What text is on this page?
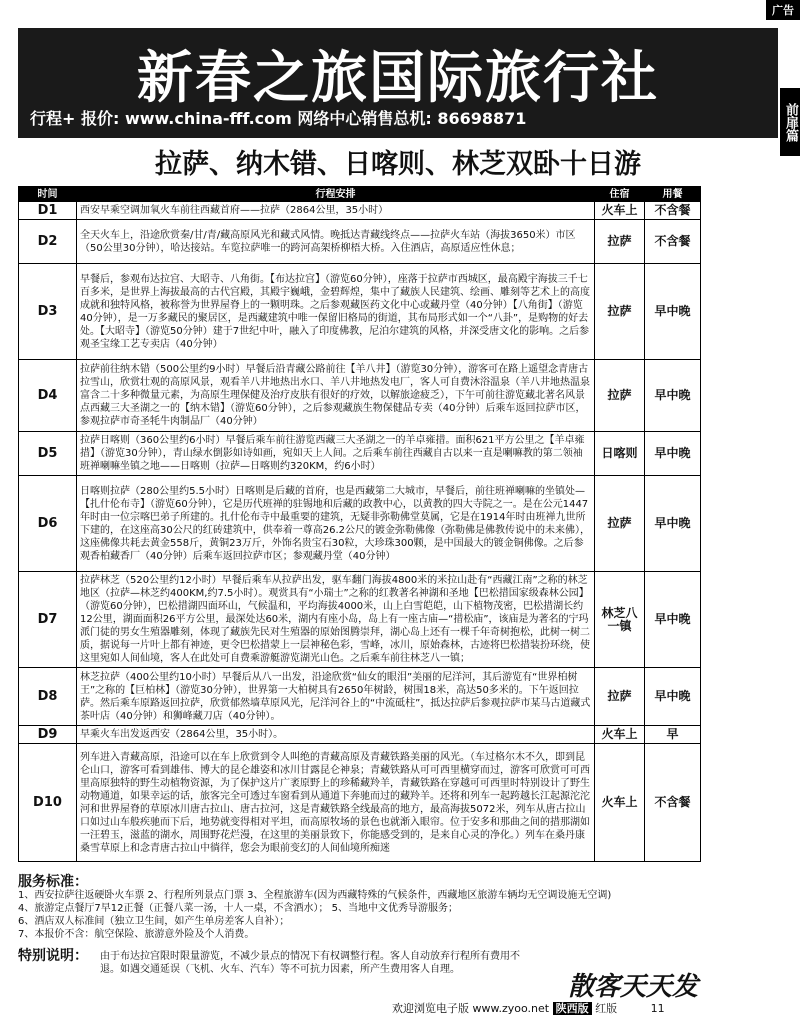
广告
新春之旅国际旅行社
行程+ 报价: www.china-fff.com 网络中心销售总机: 86698871	前扉篇
拉萨、纳木错、日喀则、林芝双卧十日游
时间	行程安排	住宿	用餐
D1	西安早乘空调加氧火车前往西藏首府——拉萨（2864公里，35小时）	火车上	不含餐
D2	全天火车上，沿途欣赏秦/甘/青/藏高原风光和藏式风情。晚抵达青藏线终点——拉萨火车站（海拔3650米）市区（50公里30分钟），哈达接站。车览拉萨唯一的跨河高架桥柳梧大桥。入住酒店，高原适应性休息；	拉萨	不含餐
D3	早餐后，参观布达拉宫、大昭寺、八角街。【布达拉宫】（游览60分钟），座落于拉萨市西城区，最高殿宇海拔三千七百多米，是世界上海拔最高的古代宫殿，其殿宇巍峨，金碧辉煌，集中了藏族人民建筑、绘画、雕刻等艺术上的高度成就和独特风格，被称誉为世界屋脊上的一颗明珠。之后参观藏医药文化中心或藏丹堂（40分钟）【八角街】（游览40分钟），是一万多藏民的聚居区，是西藏建筑中唯一保留旧格局的街道，其布局形式如一个“八卦”，是购物的好去处。【大昭寺】（游览50分钟）建于7世纪中叶，融入了印度佛教，尼泊尔建筑的风格，并深受唐文化的影响。之后参观圣宝缘工艺专卖店（40分钟）	拉萨	早中晚
D4	拉萨前往纳木错（500公里约9小时）早餐后沿青藏公路前往【羊八井】（游览30分钟），游客可在路上遥望念青唐古拉雪山，欣赏壮观的高原风景，观看羊八井地热出水口、羊八井地热发电厂，客人可自费沐浴温泉（羊八井地热温泉富含二十多种微量元素，为高原生理保健及治疗皮肤有很好的疗效，以解旅途疲乏），下午可前往游览藏北著名风景点西藏三大圣湖之一的【纳木错】（游览60分钟），之后参观藏族生物保健品专卖（40分钟）后乘车返回拉萨市区，参观拉萨市奇圣牦牛肉制品厂（40分钟）	拉萨	早中晚
D5	拉萨日喀则（360公里约6小时）早餐后乘车前往游览西藏三大圣湖之一的羊卓雍措。面积621平方公里之【羊卓雍措】（游览30分钟），青山绿水倒影如诗如画，宛如天上人间。之后乘车前往西藏自古以来一直是喇嘛教的第二领袖班禅喇嘛坐镇之地——日喀则（拉萨—日喀则约320KM，约6小时）	日喀则	早中晚
D6	日喀则拉萨（280公里约5.5小时）日喀则是后藏的首府，也是西藏第二大城市，早餐后，前往班禅喇嘛的坐镇处—【扎什伦布寺】（游览60分钟），它是历代班禅的驻锡地和后藏的政教中心，以黄教的四大寺院之一。是在公元1447年时由一位宗喀巴弟子所建的。扎什伦布寺中最重要的建筑，无疑非弥勒佛堂莫属，它是在1914年时由班禅九世所下建的，在这座高30公尺的红砖建筑中，供奉着一尊高26.2公尺的镀金弥勒佛像（弥勒佛是佛教传说中的未来佛），这座佛像共耗去黄金558斤，黄铜23万斤，外饰名贵宝石30粒，大珍珠300颗，是中国最大的镀金铜佛像。之后参观香柏藏香厂（40分钟）后乘车返回拉萨市区；参观藏丹堂（40分钟）	拉萨	早中晚
D7	拉萨林芝（520公里约12小时）早餐后乘车从拉萨出发，驱车翻门海拔4800米的米拉山赴有“西藏江南”之称的林芝地区（拉萨—林芝约400KM,约7.5小时）。观赏具有“小瑞士”之称的红教著名神湖和圣地【巴松措国家级森林公园】（游览60分钟），巴松措湖四面环山，气候温和，平均海拔4000米，山上白雪皑皑，山下植物茂密，巴松措湖长约12公里，湖面面积26平方公里，最深处达60米，湖内有座小岛，岛上有一座古庙—“措松庙”，该庙是为著名的宁玛派门徒的男女生殖器雕刻，体现了藏族先民对生殖器的原始图腾崇拜，湖心岛上还有一棵千年奇树抱松，此树一树二质，据说每一片叶上都有神迹，更令巴松措蒙上一层神秘色彩，雪峰，冰川，原始森林，古迹将巴松措装扮环绕，使这里宛如人间仙境，客人在此处可自费乘游艇游览湖光山色。之后乘车前往林芝八一镇；	林芝八一镇	早中晚
D8	林芝拉萨（400公里约10小时）早餐后从八一出发，沿途欣赏“仙女的眼泪”美丽的尼洋河，其后游览有“世界柏树王”之称的【巨柏林】（游览30分钟），世界第一大柏树具有2650年树龄，树围18米，高达50多米的。下午返回拉萨。然后乘车原路返回拉萨，欣赏郁然墙草原风光，尼洋河谷上的“中流砥柱”，抵达拉萨后参观拉萨市某马古道藏式茶叶店（40分钟）和狮峰藏刀店（40分钟）。	拉萨	早中晚
D9	早乘火车出发返西安（2864公里，35小时）。	火车上	早
D10	列车进入青藏高原，沿途可以在车上欣赏到令人叫绝的青藏高原及青藏铁路美丽的风光。（车过格尔木不久，即到昆仑山口，游客可看到雄伟、博大的昆仑雄姿和冰川甘露昆仑神泉；青藏铁路从可可西里横穿而过，游客可欣赏可可西里高原独特的野生动植物资源，为了保护这片广袤原野上的珍稀藏羚羊，青藏铁路在穿越可可西里时特别设计了野生动物通道，如果幸运的话，旅客完全可透过车窗看到从通道下奔驰而过的藏羚羊。还将和列车一起跨越长江起源沱沱河和世界屋脊的草原冰川唐古拉山、唐古拉河，这是青藏铁路全线最高的地方，最高海拔5072米，列车从唐古拉山口如过山车般疾驰而下后，地势就变得相对平坦，而高原牧场的景色也就渐入眼帘。位于安多和那曲之间的措那湖如一汪碧玉，滋蓝的湖水，周围野花烂漫，在这里的美丽景致下，你能感受到的，是来自心灵的净化。）列车在桑丹康桑雪草原上和念青唐古拉山中徜徉，您会为眼前变幻的人间仙境所痴迷	火车上	不含餐
服务标准：
1、西安拉萨往返硬卧火车票 2、行程所列景点门票 3、全程旅游车(因为西藏特殊的气候条件，西藏地区旅游车辆均无空调设施无空调)
4、旅游定点餐厅7早12正餐（正餐八菜一汤，十人一桌，不含酒水）； 5、当地中文优秀导游服务；
6、酒店双人标准间（独立卫生间，如产生单房差客人自补）；
7、本报价不含：航空保险、旅游意外险及个人消费。
特别说明： 由于布达拉宫限时限量游览，不减少景点的情况下有权调整行程。客人自动放弃行程所有费用不退。如遇交通延误（飞机、火车、汽车）等不可抗力因素，所产生费用客人自理。
散客天天发
欢迎浏览电子版 www.zyoo.net 陕西版 红版	11
